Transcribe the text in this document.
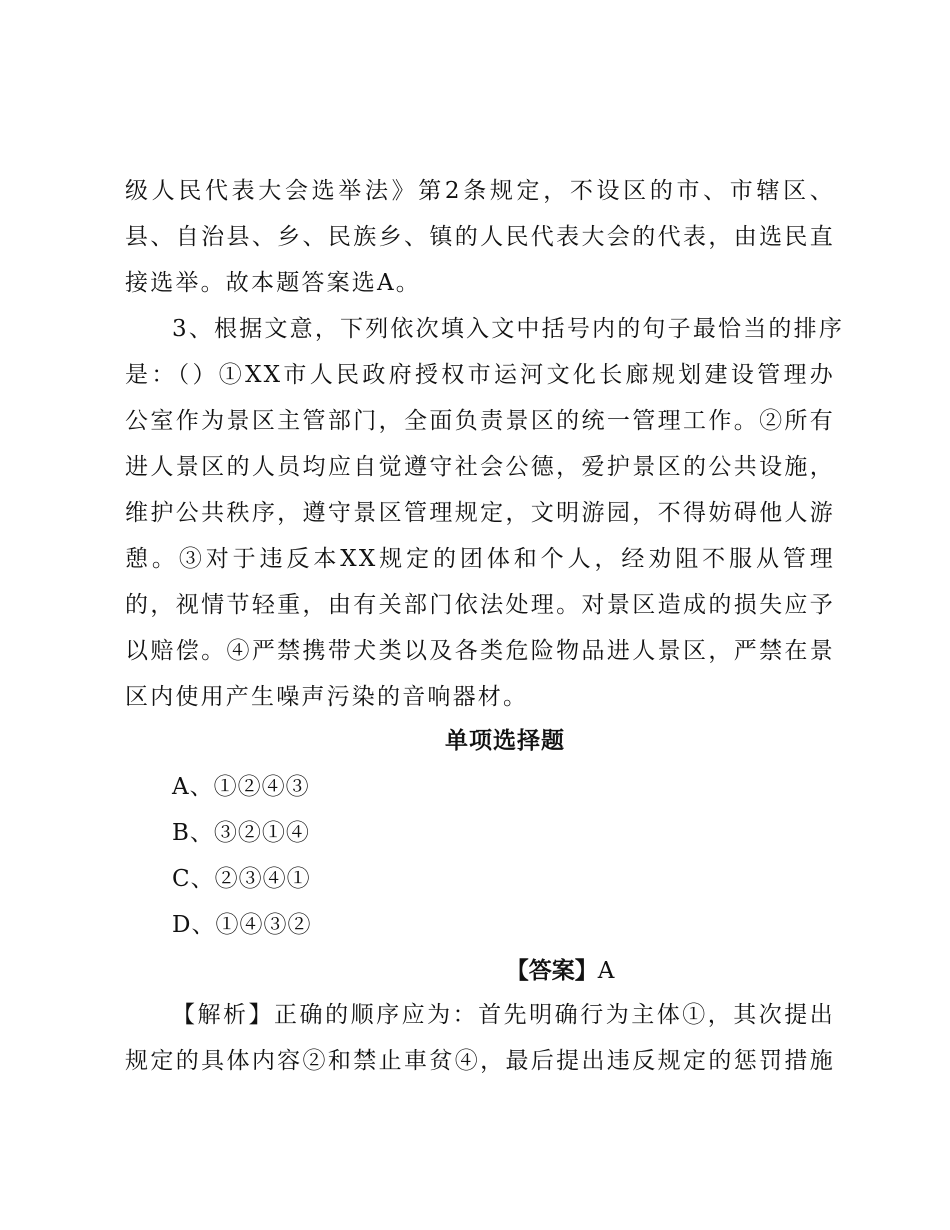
级人民代表大会选举法》第2条规定，不设区的市、市辖区、
县、自治县、乡、民族乡、镇的人民代表大会的代表，由选民直
接选举。故本题答案选A。
3、根据文意，下列依次填入文中括号内的句子最恰当的排序
是：（）①XX市人民政府授权市运河文化长廊规划建设管理办
公室作为景区主管部门，全面负责景区的统一管理工作。②所有
进人景区的人员均应自觉遵守社会公德，爱护景区的公共设施，
维护公共秩序，遵守景区管理规定，文明游园，不得妨碍他人游
憩。③对于违反本XX规定的团体和个人，经劝阻不服从管理
的，视情节轻重，由有关部门依法处理。对景区造成的损失应予
以赔偿。④严禁携带犬类以及各类危险物品进人景区，严禁在景
区内使用产生噪声污染的音响器材。
单项选择题
A、①②④③
B、③②①④
C、②③④①
D、①④③②
【答案】A
【解析】正确的顺序应为：首先明确行为主体①，其次提出
规定的具体内容②和禁止車贫④，最后提出违反规定的惩罚措施
